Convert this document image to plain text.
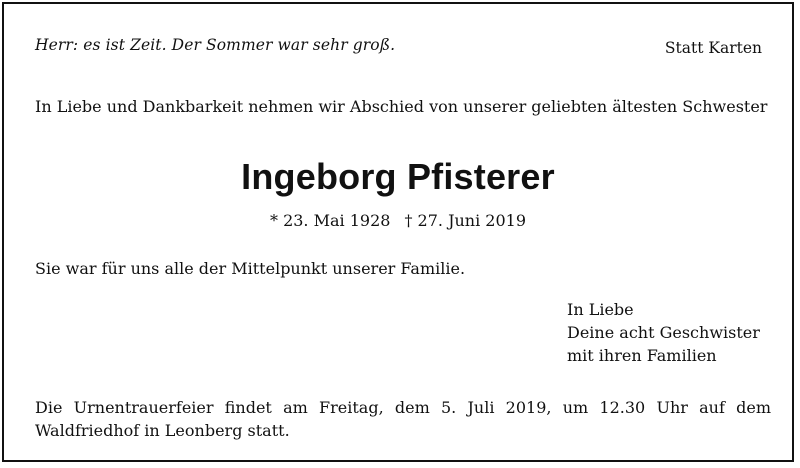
Herr: es ist Zeit. Der Sommer war sehr groß.	Statt Karten
In Liebe und Dankbarkeit nehmen wir Abschied von unserer geliebten ältesten Schwester
Ingeborg Pfisterer
* 23. Mai 1928 † 27. Juni 2019
Sie war für uns alle der Mittelpunkt unserer Familie.
In Liebe
Deine acht Geschwister
mit ihren Familien
Die Urnentrauerfeier findet am Freitag, dem 5. Juli 2019, um 12.30 Uhr auf dem Waldfriedhof in Leonberg statt.
